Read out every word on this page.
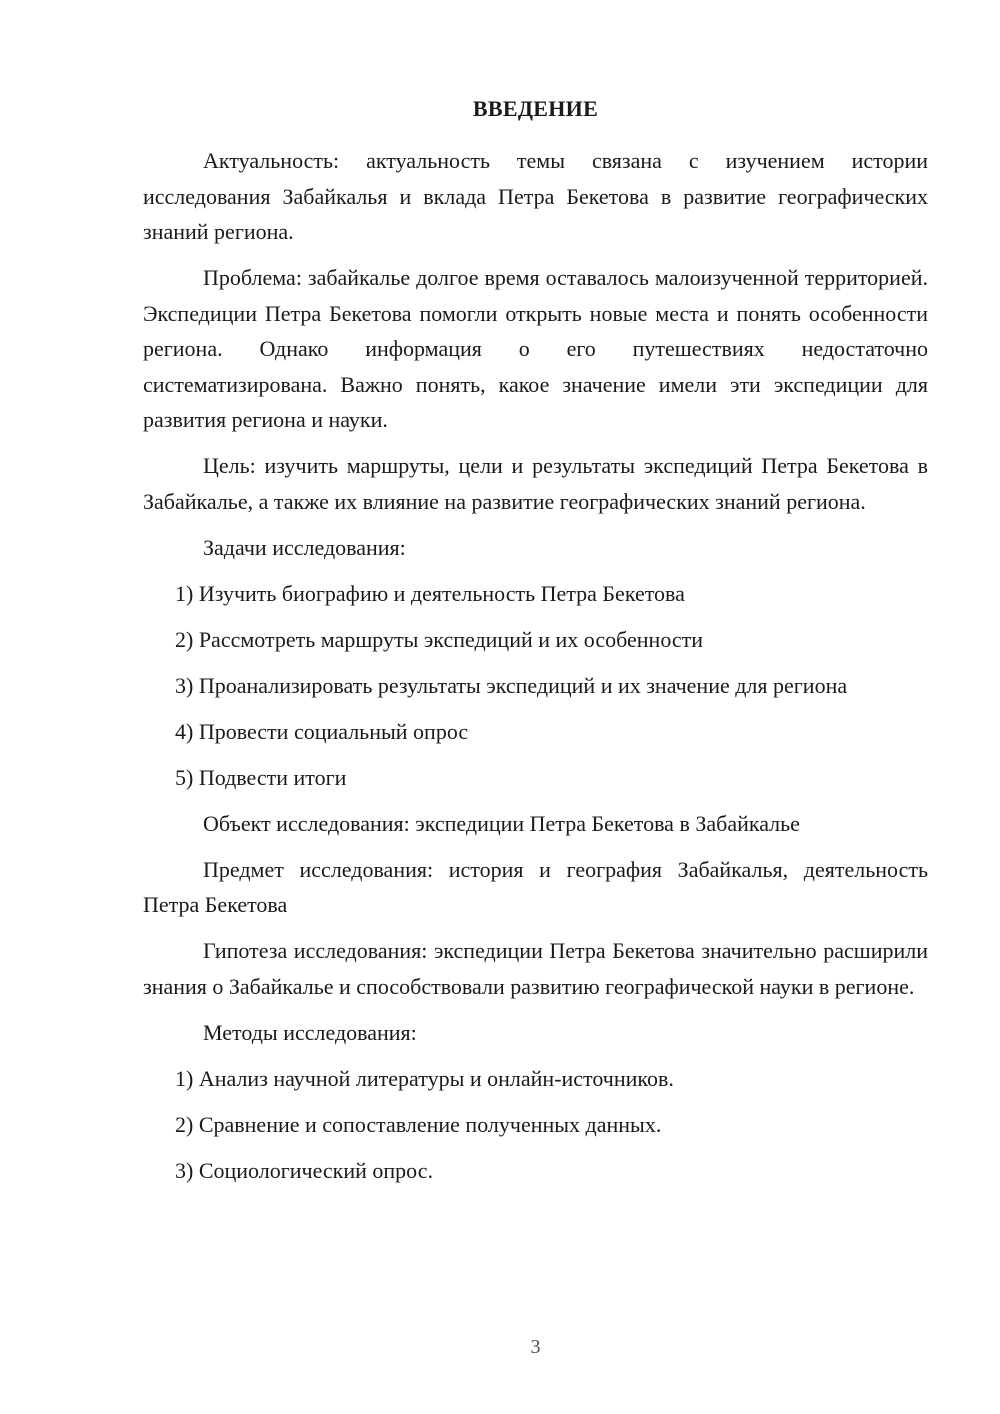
ВВЕДЕНИЕ

Актуальность: актуальность темы связана с изучением истории исследования Забайкалья и вклада Петра Бекетова в развитие географических знаний региона.

Проблема: забайкалье долгое время оставалось малоизученной территорией. Экспедиции Петра Бекетова помогли открыть новые места и понять особенности региона. Однако информация о его путешествиях недостаточно систематизирована. Важно понять, какое значение имели эти экспедиции для развития региона и науки.

Цель: изучить маршруты, цели и результаты экспедиций Петра Бекетова в Забайкалье, а также их влияние на развитие географических знаний региона.

Задачи исследования:

1) Изучить биографию и деятельность Петра Бекетова

2) Рассмотреть маршруты экспедиций и их особенности

3) Проанализировать результаты экспедиций и их значение для региона

4) Провести социальный опрос

5) Подвести итоги

Объект исследования: экспедиции Петра Бекетова в Забайкалье

Предмет исследования: история и география Забайкалья, деятельность Петра Бекетова

Гипотеза исследования: экспедиции Петра Бекетова значительно расширили знания о Забайкалье и способствовали развитию географической науки в регионе.

Методы исследования:

1) Анализ научной литературы и онлайн-источников.

2) Сравнение и сопоставление полученных данных.

3) Социологический опрос.

3
